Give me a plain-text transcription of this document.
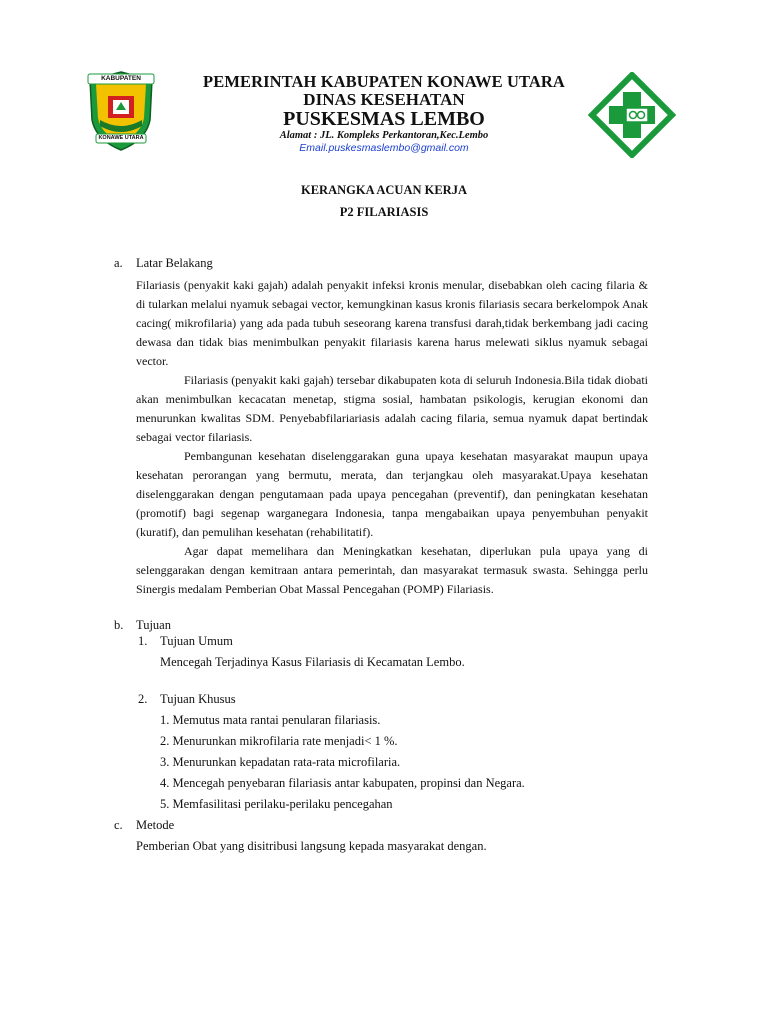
KABUPATEN
KONAWE UTARA
PEMERINTAH KABUPATEN KONAWE UTARA
DINAS KESEHATAN
PUSKESMAS LEMBO
Alamat : JL. Kompleks Perkantoran,Kec.Lembo
Email.puskesmaslembo@gmail.com
KERANGKA ACUAN KERJA
P2 FILARIASIS
a. Latar Belakang

Filariasis (penyakit kaki gajah) adalah penyakit infeksi kronis menular, disebabkan oleh cacing filaria & di tularkan melalui nyamuk sebagai vector, kemungkinan kasus kronis filariasis secara berkelompok Anak cacing( mikrofilaria) yang ada pada tubuh seseorang karena transfusi darah,tidak berkembang jadi cacing dewasa dan tidak bias menimbulkan penyakit filariasis karena harus melewati siklus nyamuk sebagai vector.

Filariasis (penyakit kaki gajah) tersebar dikabupaten kota di seluruh Indonesia.Bila tidak diobati akan menimbulkan kecacatan menetap, stigma sosial, hambatan psikologis, kerugian ekonomi dan menurunkan kwalitas SDM. Penyebabfilariariasis adalah cacing filaria, semua nyamuk dapat bertindak sebagai vector filariasis.

Pembangunan kesehatan diselenggarakan guna upaya kesehatan masyarakat maupun upaya kesehatan perorangan yang bermutu, merata, dan terjangkau oleh masyarakat.Upaya kesehatan diselenggarakan dengan pengutamaan pada upaya pencegahan (preventif), dan peningkatan kesehatan (promotif) bagi segenap warganegara Indonesia, tanpa mengabaikan upaya penyembuhan penyakit (kuratif), dan pemulihan kesehatan (rehabilitatif).

Agar dapat memelihara dan Meningkatkan kesehatan, diperlukan pula upaya yang di selenggarakan dengan kemitraan antara pemerintah, dan masyarakat termasuk swasta. Sehingga perlu Sinergis medalam Pemberian Obat Massal Pencegahan (POMP) Filariasis.

b. Tujuan
1. Tujuan Umum
Mencegah Terjadinya Kasus Filariasis di Kecamatan Lembo.
2. Tujuan Khusus
1. Memutus mata rantai penularan filariasis.
2. Menurunkan mikrofilaria rate menjadi< 1 %.
3. Menurunkan kepadatan rata-rata microfilaria.
4. Mencegah penyebaran filariasis antar kabupaten, propinsi dan Negara.
5. Memfasilitasi perilaku-perilaku pencegahan
c. Metode
Pemberian Obat yang disitribusi langsung kepada masyarakat dengan.
